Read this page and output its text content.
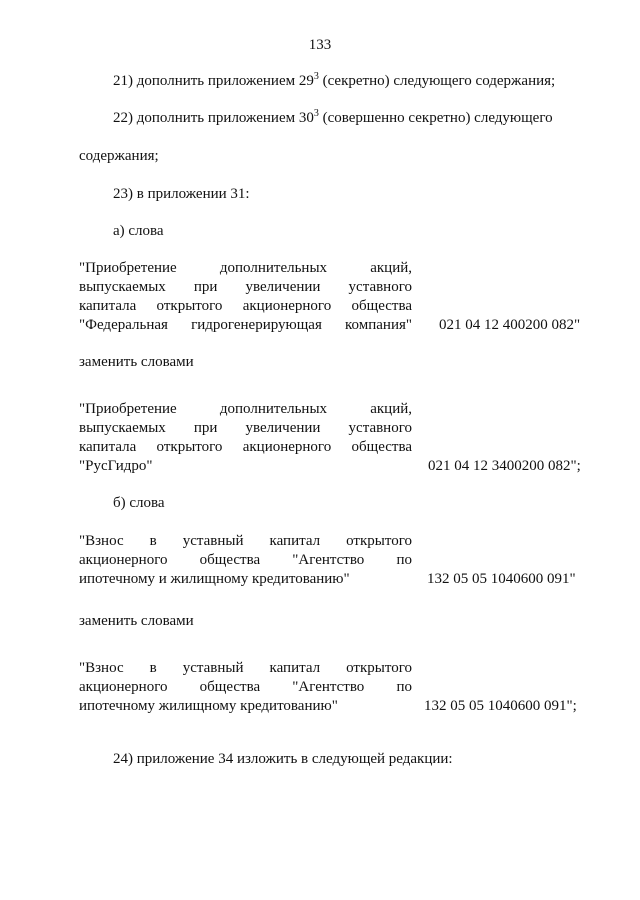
133
21) дополнить приложением $29^3$ (секретно) следующего содержания;
22) дополнить приложением $30^3$ (совершенно секретно) следующего
содержания;
23) в приложении 31:
а) слова
"Приобретение дополнительных акций,
выпускаемых при увеличении уставного
капитала открытого акционерного общества
"Федеральная гидрогенерирующая компания" 021 04 12 400200 082"
заменить словами
"Приобретение дополнительных акций,
выпускаемых при увеличении уставного
капитала открытого акционерного общества
"РусГидро"	021 04 12 3400200 082";
б) слова
"Взнос в уставный капитал открытого
акционерного общества "Агентство по
ипотечному и жилищному кредитованию"	132 05 05 1040600 091"
заменить словами
"Взнос в уставный капитал открытого
акционерного общества "Агентство по
ипотечному жилищному кредитованию"	132 05 05 1040600 091";
24) приложение 34 изложить в следующей редакции:
